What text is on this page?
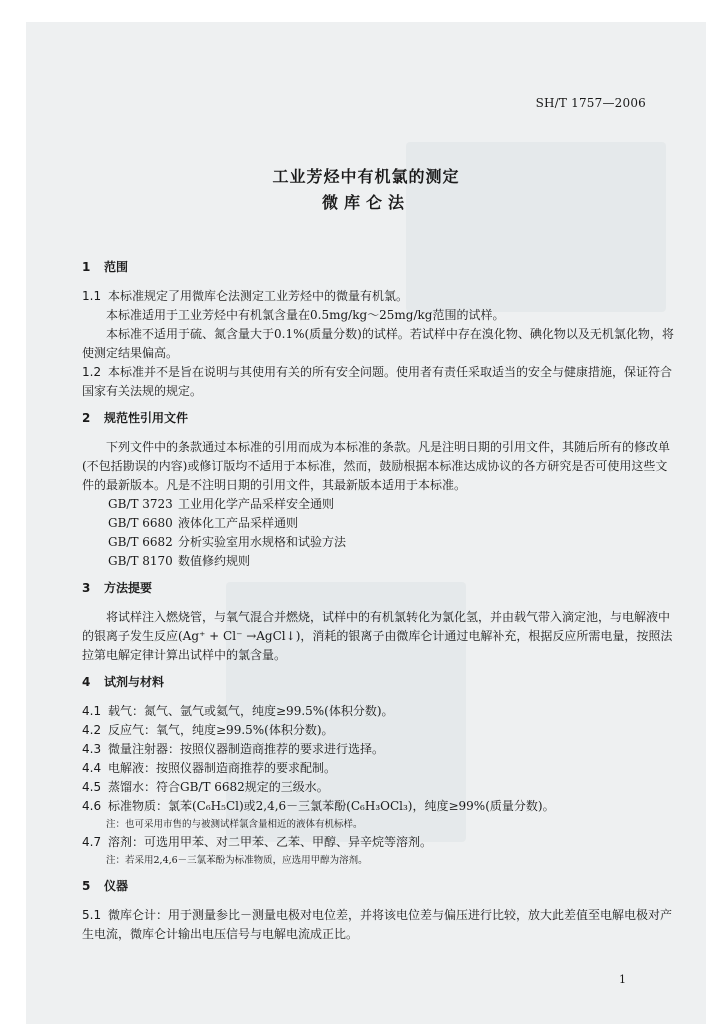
SH/T 1757—2006
工业芳烃中有机氯的测定
微库仑法

1 范围

1.1 本标准规定了用微库仑法测定工业芳烃中的微量有机氯。

本标准适用于工业芳烃中有机氯含量在0.5mg/kg～25mg/kg范围的试样。

本标准不适用于硫、氮含量大于0.1%(质量分数)的试样。若试样中存在溴化物、碘化物以及无机氯化物，将使测定结果偏高。

1.2 本标准并不是旨在说明与其使用有关的所有安全问题。使用者有责任采取适当的安全与健康措施，保证符合国家有关法规的规定。

2 规范性引用文件

下列文件中的条款通过本标准的引用而成为本标准的条款。凡是注明日期的引用文件，其随后所有的修改单(不包括勘误的内容)或修订版均不适用于本标准，然而，鼓励根据本标准达成协议的各方研究是否可使用这些文件的最新版本。凡是不注明日期的引用文件，其最新版本适用于本标准。

GB/T 3723 工业用化学产品采样安全通则

GB/T 6680 液体化工产品采样通则

GB/T 6682 分析实验室用水规格和试验方法

GB/T 8170 数值修约规则

3 方法提要

将试样注入燃烧管，与氧气混合并燃烧，试样中的有机氯转化为氯化氢，并由载气带入滴定池，与电解液中的银离子发生反应(Ag⁺ + Cl⁻ →AgCl↓)，消耗的银离子由微库仑计通过电解补充，根据反应所需电量，按照法拉第电解定律计算出试样中的氯含量。

4 试剂与材料

4.1 载气：氮气、氩气或氦气，纯度≥99.5%(体积分数)。

4.2 反应气：氧气，纯度≥99.5%(体积分数)。

4.3 微量注射器：按照仪器制造商推荐的要求进行选择。

4.4 电解液：按照仪器制造商推荐的要求配制。

4.5 蒸馏水：符合GB/T 6682规定的三级水。

4.6 标准物质：氯苯(C₆H₅Cl)或2,4,6－三氯苯酚(C₆H₃OCl₃)，纯度≥99%(质量分数)。

注：也可采用市售的与被测试样氯含量相近的液体有机标样。

4.7 溶剂：可选用甲苯、对二甲苯、乙苯、甲醇、异辛烷等溶剂。

注：若采用2,4,6－三氯苯酚为标准物质，应选用甲醇为溶剂。

5 仪器

5.1 微库仑计：用于测量参比－测量电极对电位差，并将该电位差与偏压进行比较，放大此差值至电解电极对产生电流，微库仑计输出电压信号与电解电流成正比。

1
